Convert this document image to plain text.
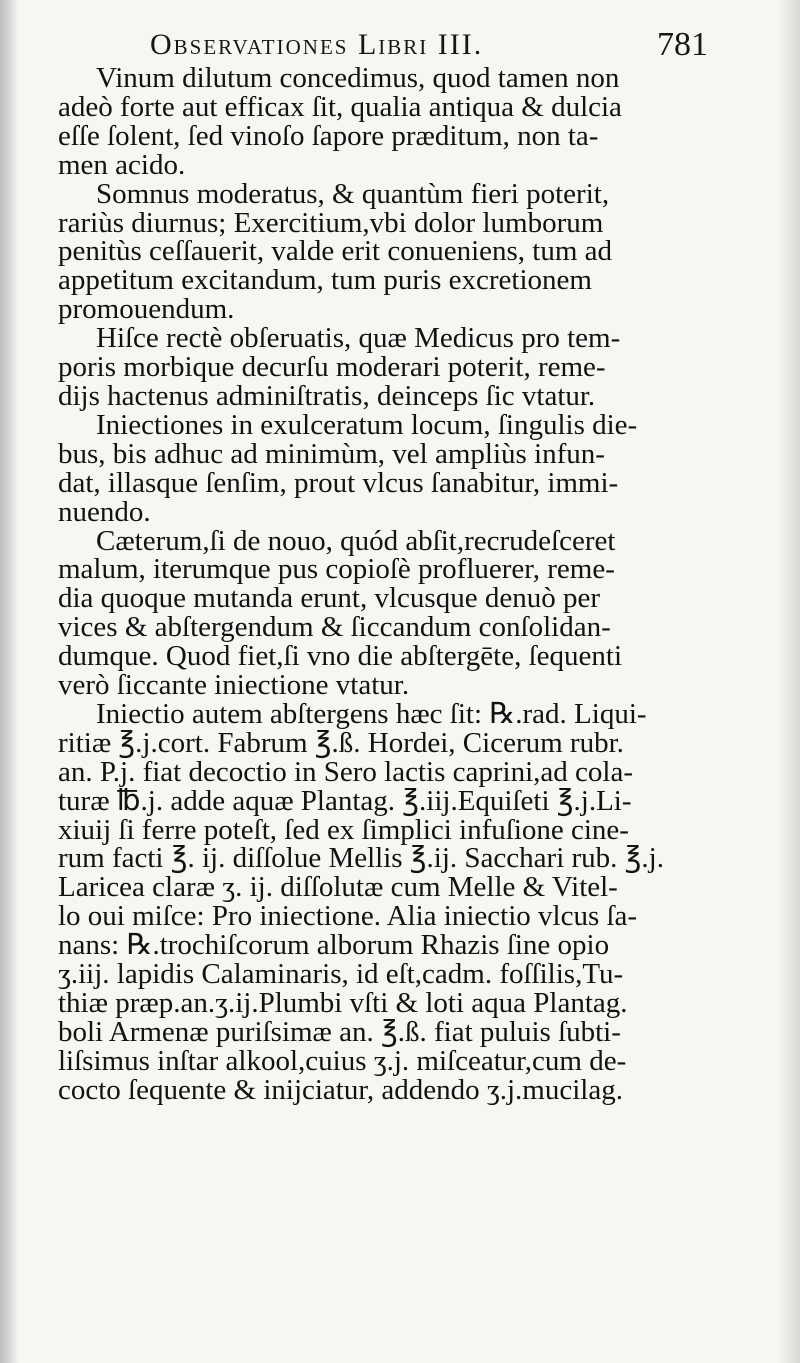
Observationes Libri III.	781
Vinum dilutum concedimus, quod tamen non
adeò forte aut efficax ſit, qualia antiqua & dulcia
eſſe ſolent, ſed vinoſo ſapore præditum, non ta-
men acido.
Somnus moderatus, & quantùm fieri poterit,
rariùs diurnus; Exercitium,vbi dolor lumborum
penitùs ceſſauerit, valde erit conueniens, tum ad
appetitum excitandum, tum puris excretionem
promouendum.
Hiſce rectè obſeruatis, quæ Medicus pro tem-
poris morbique decurſu moderari poterit, reme-
dijs hactenus adminiſtratis, deinceps ſic vtatur.
Iniectiones in exulceratum locum, ſingulis die-
bus, bis adhuc ad minimùm, vel ampliùs infun-
dat, illasque ſenſim, prout vlcus ſanabitur, immi-
nuendo.
Cæterum,ſi de nouo, quód abſit,recrudeſceret
malum, iterumque pus copioſè profluerer, reme-
dia quoque mutanda erunt, vlcusque denuò per
vices & abſtergendum & ſiccandum conſolidan-
dumque. Quod fiet,ſi vno die abſtergēte, ſequenti
verò ſiccante iniectione vtatur.
Iniectio autem abſtergens hæc ſit: ℞.rad. Liqui-
ritiæ ℥.j.cort. Fabrum ℥.ß. Hordei, Cicerum rubr.
an. P.j. fiat decoctio in Sero lactis caprini,ad cola-
turæ ℔.j. adde aquæ Plantag. ℥.iij.Equiſeti ℥.j.Li-
xiuij ſi ferre poteſt, ſed ex ſimplici infuſione cine-
rum facti ℥. ij. diſſolue Mellis ℥.ij. Sacchari rub. ℥.j.
Laricea claræ ʒ. ij. diſſolutæ cum Melle & Vitel-
lo oui miſce: Pro iniectione. Alia iniectio vlcus ſa-
nans: ℞.trochiſcorum alborum Rhazis ſine opio
ʒ.iij. lapidis Calaminaris, id eſt,cadm. foſſilis,Tu-
thiæ præp.an.ʒ.ij.Plumbi vſti & loti aqua Plantag.
boli Armenæ puriſsimæ an. ℥.ß. fiat puluis ſubti-
liſsimus inſtar alkool,cuius ʒ.j. miſceatur,cum de-
cocto ſequente & inijciatur, addendo ʒ.j.mucilag.
